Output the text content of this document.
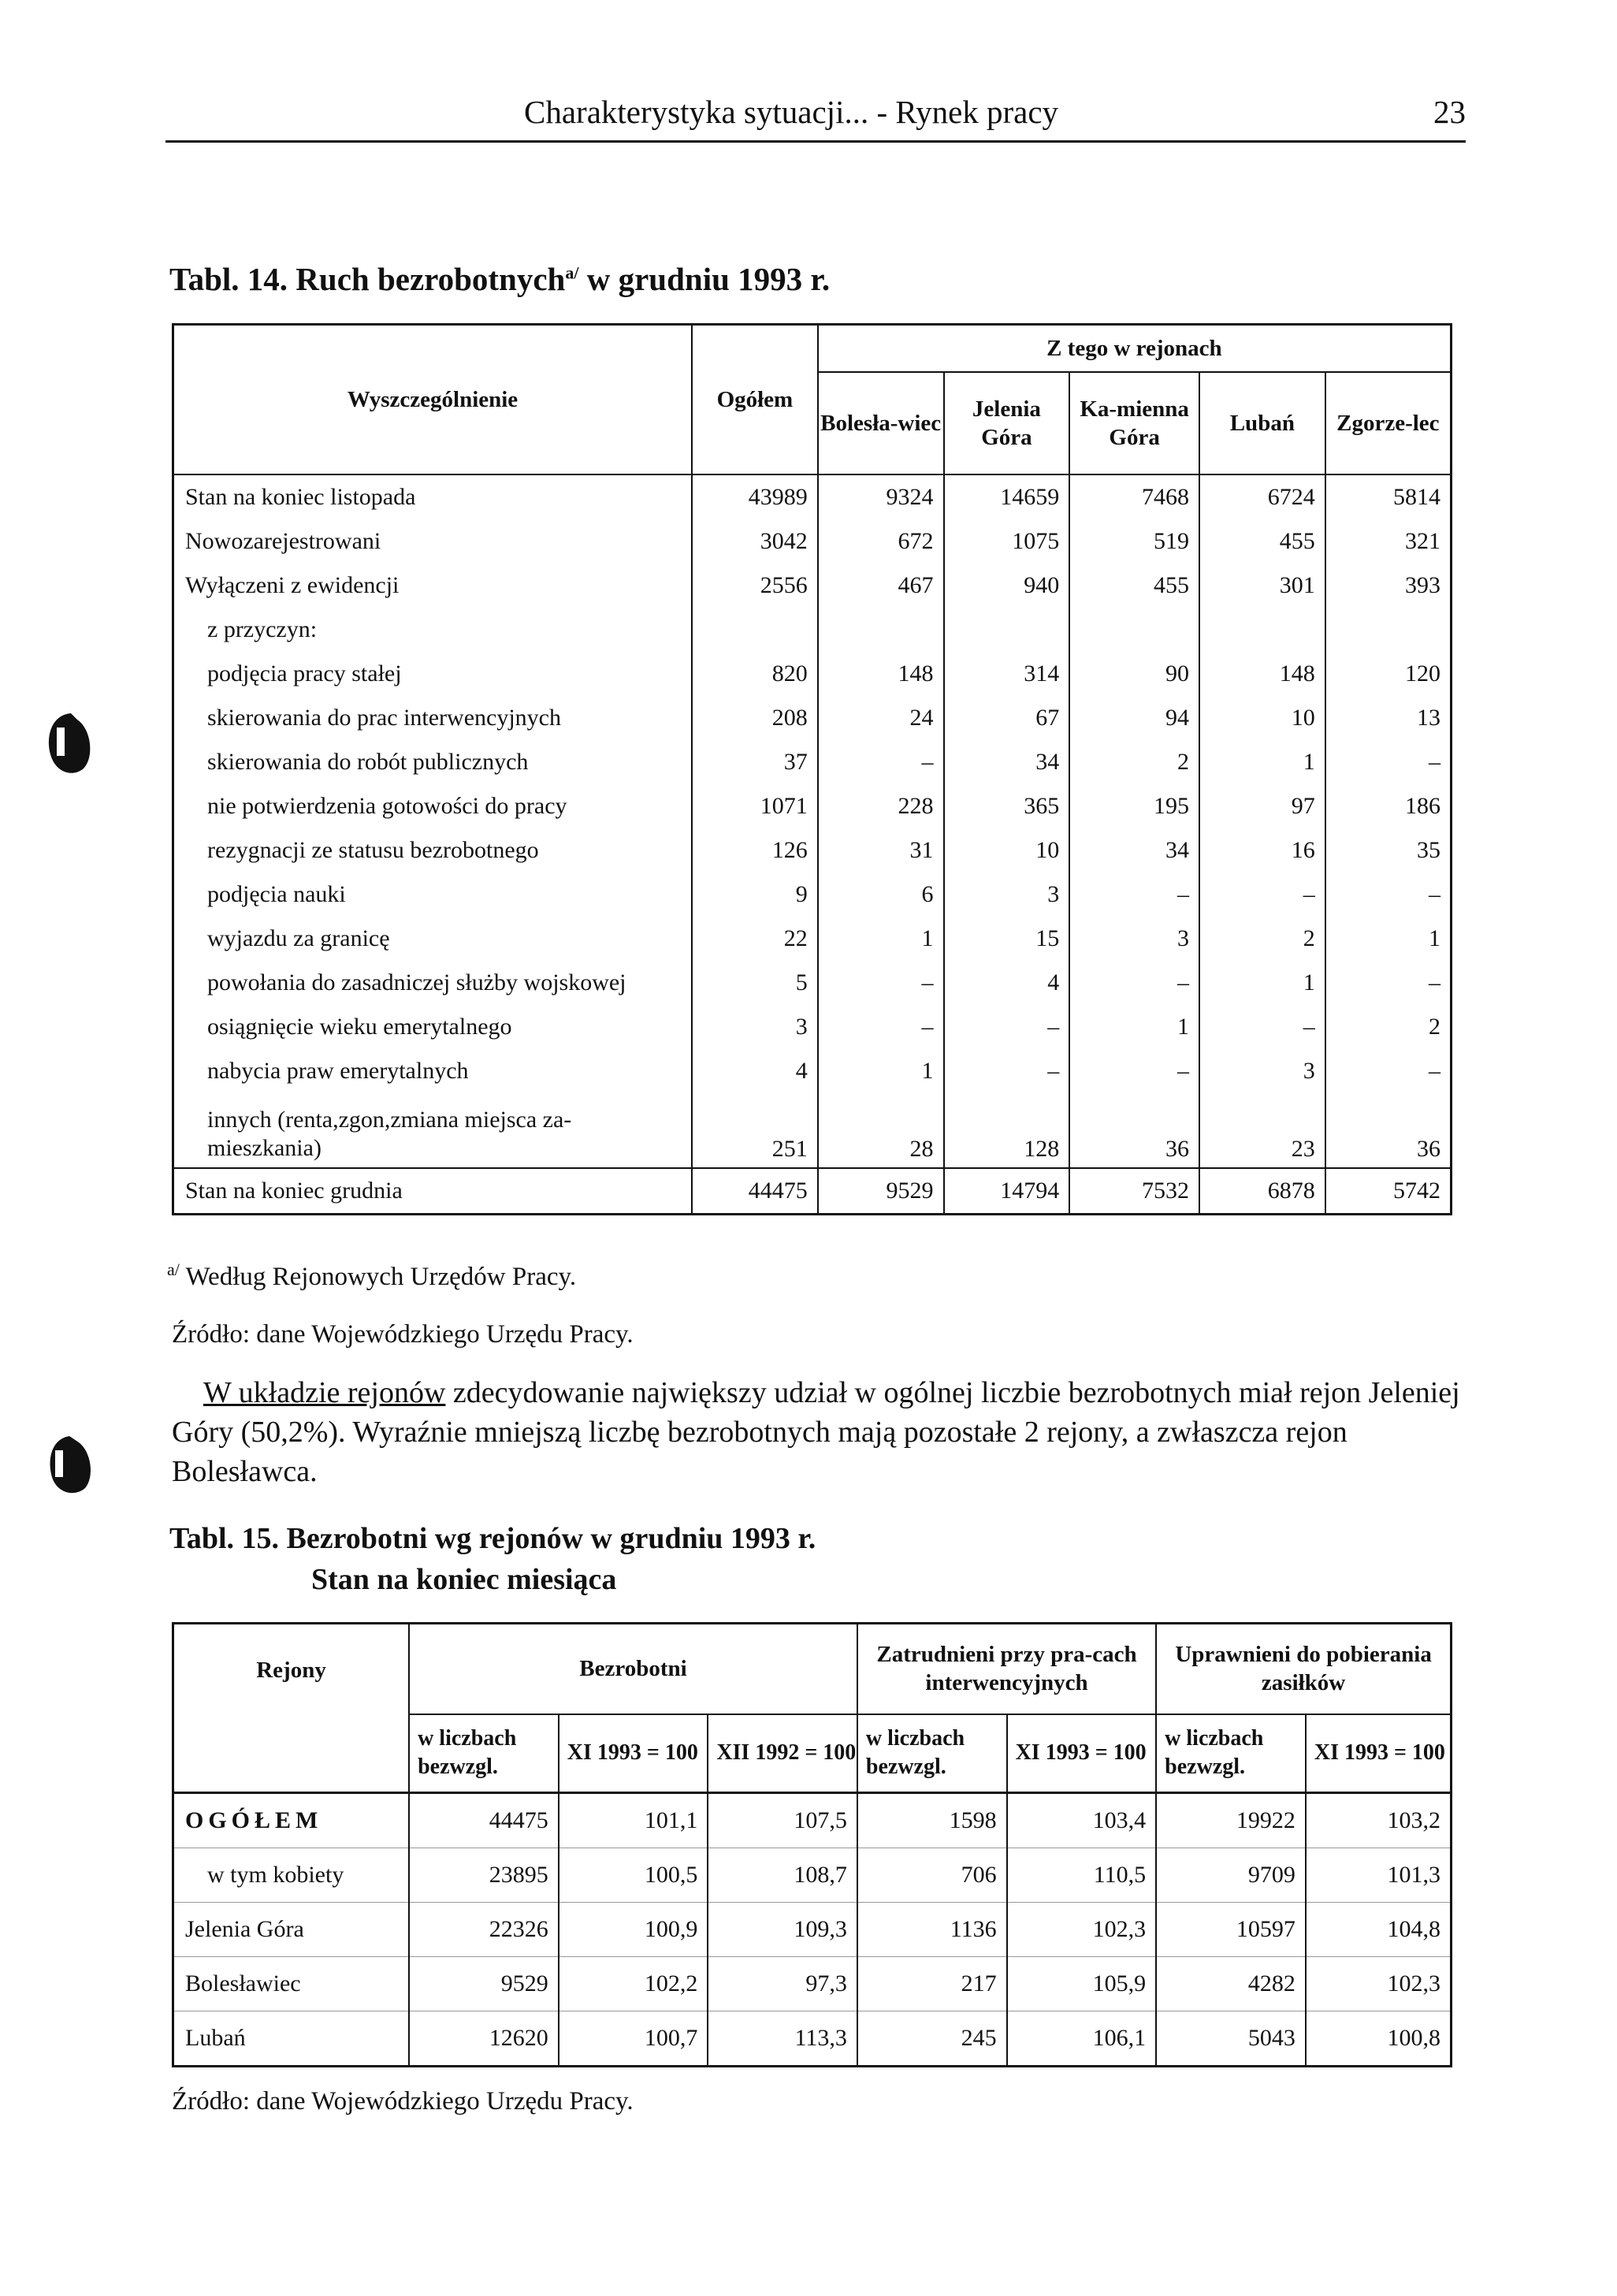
Charakterystyka sytuacji... - Rynek pracy	23
Tabl. 14. Ruch bezrobotnych$^{a/}$ w grudniu 1993 r.
Wyszczególnienie	Ogółem	Z tego w rejonach				
		Bolesła-wiec	Jelenia Góra	Ka-mienna Góra	Lubań	Zgorze-lec
Stan na koniec listopada	43989	9324	14659	7468	6724	5814
Nowozarejestrowani	3042	672	1075	519	455	321
Wyłączeni z ewidencji	2556	467	940	455	301	393
z przyczyn:						
podjęcia pracy stałej	820	148	314	90	148	120
skierowania do prac interwencyjnych	208	24	67	94	10	13
skierowania do robót publicznych	37	–	34	2	1	–
nie potwierdzenia gotowości do pracy	1071	228	365	195	97	186
rezygnacji ze statusu bezrobotnego	126	31	10	34	16	35
podjęcia nauki	9	6	3	–	–	–
wyjazdu za granicę	22	1	15	3	2	1
powołania do zasadniczej służby wojskowej	5	–	4	–	1	–
osiągnięcie wieku emerytalnego	3	–	–	1	–	2
nabycia praw emerytalnych	4	1	–	–	3	–
innych (renta,zgon,zmiana miejsca za- mieszkania)	251	28	128	36	23	36
Stan na koniec grudnia	44475	9529	14794	7532	6878	5742
$^{a/}$ Według Rejonowych Urzędów Pracy.
Źródło: dane Wojewódzkiego Urzędu Pracy.
W układzie rejonów zdecydowanie największy udział w ogólnej liczbie bezrobotnych miał rejon Jeleniej Góry (50,2%). Wyraźnie mniejszą liczbę bezrobotnych mają pozostałe 2 rejony, a zwłaszcza rejon Bolesławca.
Tabl. 15. Bezrobotni wg rejonów w grudniu 1993 r.
Stan na koniec miesiąca
Rejony	Bezrobotni			Zatrudnieni przy pra-cach interwencyjnych		Uprawnieni do pobierania zasiłków	
	w liczbach bezwzgl.	XI 1993 = 100	XII 1992 = 100	w liczbach bezwzgl.	XI 1993 = 100	w liczbach bezwzgl.	XI 1993 = 100
OGÓŁEM	44475	101,1	107,5	1598	103,4	19922	103,2
w tym kobiety	23895	100,5	108,7	706	110,5	9709	101,3
Jelenia Góra	22326	100,9	109,3	1136	102,3	10597	104,8
Bolesławiec	9529	102,2	97,3	217	105,9	4282	102,3
Lubań	12620	100,7	113,3	245	106,1	5043	100,8
Źródło: dane Wojewódzkiego Urzędu Pracy.
